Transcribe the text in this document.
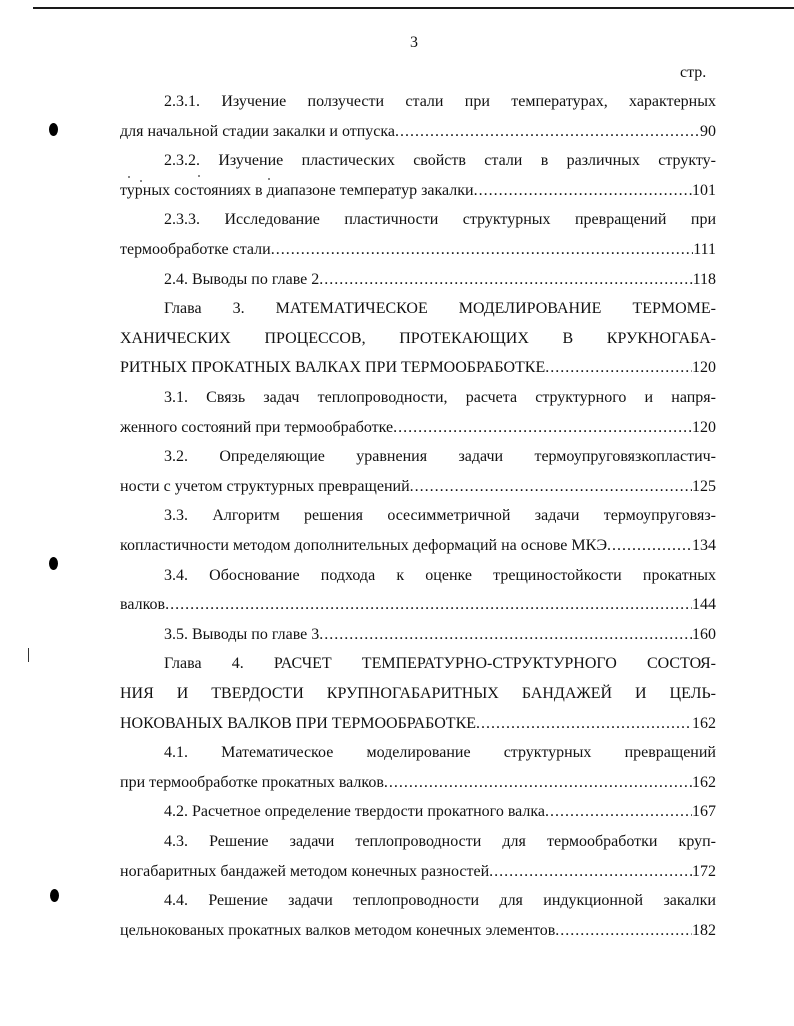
3
стр.
2.3.1. Изучение ползучести стали при температурах, характерных
для начальной стадии закалки и отпуска .....	90
2.3.2. Изучение пластических свойств стали в различных структу-
турных состояниях в диапазоне температур закалки .....	101
2.3.3. Исследование пластичности структурных превращений при
термообработке стали .....	111
2.4. Выводы по главе 2 .....	118
Глава 3. МАТЕМАТИЧЕСКОЕ МОДЕЛИРОВАНИЕ ТЕРМОМЕ-
ХАНИЧЕСКИХ ПРОЦЕССОВ, ПРОТЕКАЮЩИХ В КРУКНОГАБА-
РИТНЫХ ПРОКАТНЫХ ВАЛКАХ ПРИ ТЕРМООБРАБОТКЕ .....	120
3.1. Связь задач теплопроводности, расчета структурного и напря-
женного состояний при термообработке .....	120
3.2. Определяющие уравнения задачи термоупруговязкопластич-
ности с учетом структурных превращений .....	125
3.3. Алгоритм решения осесимметричной задачи термоупруговяз-
копластичности методом дополнительных деформаций на основе МКЭ .....	134
3.4. Обоснование подхода к оценке трещиностойкости прокатных
валков .....	144
3.5. Выводы по главе 3 .....	160
Глава 4. РАСЧЕТ ТЕМПЕРАТУРНО-СТРУКТУРНОГО СОСТОЯ-
НИЯ И ТВЕРДОСТИ КРУПНОГАБАРИТНЫХ БАНДАЖЕЙ И ЦЕЛЬ-
НОКОВАНЫХ ВАЛКОВ ПРИ ТЕРМООБРАБОТКЕ .....	162
4.1. Математическое моделирование структурных превращений
при термообработке прокатных валков .....	162
4.2. Расчетное определение твердости прокатного валка .....	167
4.3. Решение задачи теплопроводности для термообработки круп-
ногабаритных бандажей методом конечных разностей .....	172
4.4. Решение задачи теплопроводности для индукционной закалки
цельнокованых прокатных валков методом конечных элементов .....	182
